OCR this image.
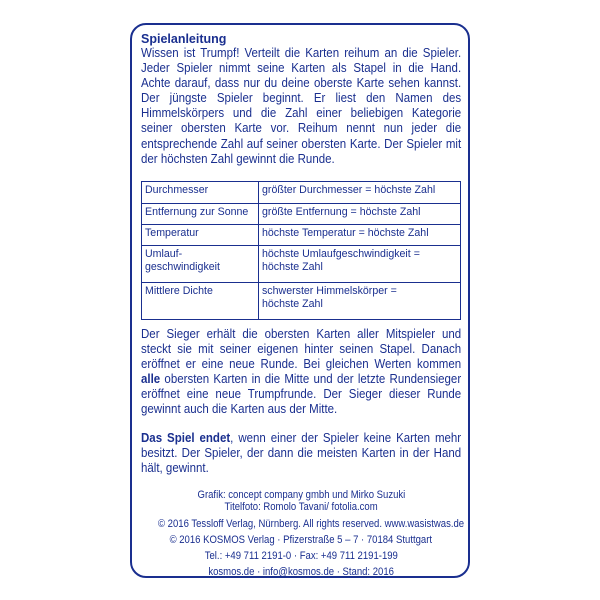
Spielanleitung

Wissen ist Trumpf! Verteilt die Karten reihum an die Spieler. Jeder Spieler nimmt seine Karten als Stapel in die Hand. Achte darauf, dass nur du deine oberste Karte sehen kannst. Der jüngste Spieler beginnt. Er liest den Namen des Himmelskörpers und die Zahl einer beliebigen Kategorie seiner obersten Karte vor. Reihum nennt nun jeder die entsprechende Zahl auf seiner obersten Karte. Der Spieler mit der höchsten Zahl gewinnt die Runde.

Durchmesser	größter Durchmesser = höchste Zahl
Entfernung zur Sonne	größte Entfernung = höchste Zahl
Temperatur	höchste Temperatur = höchste Zahl
Umlauf-
geschwindigkeit	höchste Umlaufgeschwindigkeit =
höchste Zahl
Mittlere Dichte	schwerster Himmelskörper =
höchste Zahl

Der Sieger erhält die obersten Karten aller Mitspieler und steckt sie mit seiner eigenen hinter seinen Stapel. Danach eröffnet er eine neue Runde. Bei gleichen Werten kommen alle obersten Karten in die Mitte und der letzte Rundensieger eröffnet eine neue Trumpfrunde. Der Sieger dieser Runde gewinnt auch die Karten aus der Mitte.

Das Spiel endet, wenn einer der Spieler keine Karten mehr besitzt. Der Spieler, der dann die meisten Karten in der Hand hält, gewinnt.

Grafik: concept company gmbh und Mirko Suzuki
Titelfoto: Romolo Tavani/ fotolia.com
© 2016 Tessloff Verlag, Nürnberg. All rights reserved. www.wasistwas.de
© 2016 KOSMOS Verlag · Pfizerstraße 5 – 7 · 70184 Stuttgart
Tel.: +49 711 2191-0 · Fax: +49 711 2191-199
kosmos.de · info@kosmos.de · Stand: 2016
